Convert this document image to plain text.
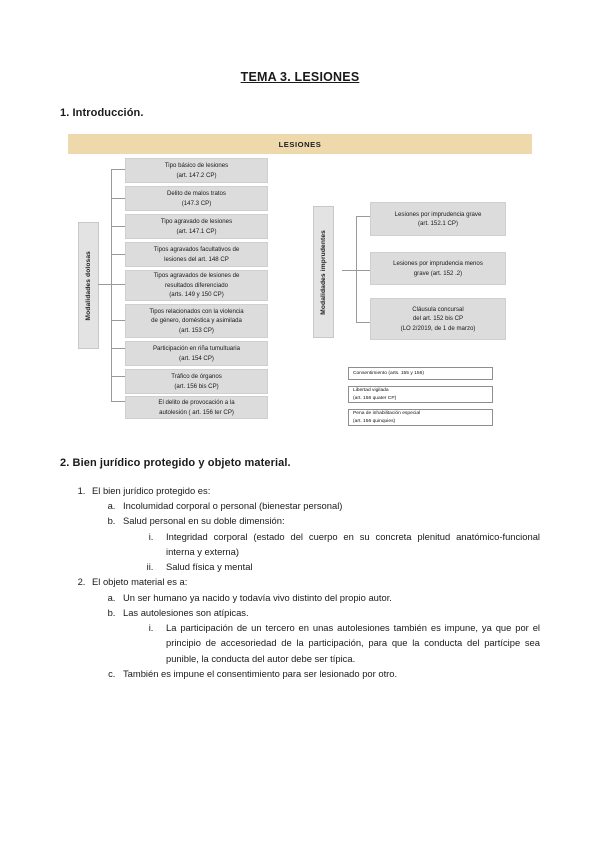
TEMA 3. LESIONES
1. Introducción.
LESIONES
Modalidades dolosas
Tipo básico de lesiones
(art. 147.2 CP)
Delito de malos tratos
(147.3 CP)
Tipo agravado de lesiones
(art. 147.1 CP)
Tipos agravados facultativos de
lesiones del art. 148 CP
Tipos agravados de lesiones de
resultados diferenciado
(arts. 149 y 150 CP)
Tipos relacionados con la violencia
de género, doméstica y asimilada
(art. 153 CP)
Participación en riña tumultuaria
(art. 154 CP)
Tráfico de órganos
(art. 156 bis CP)
El delito de provocación a la
autolesión ( art. 156 ter CP)
Modalidades imprudentes
Lesiones por imprudencia grave
(art. 152.1 CP)
Lesiones por imprudencia menos
grave (art. 152 .2)
Cláusula concursal
del art. 152 bis CP
(LO 2/2019, de 1 de marzo)
Consentimiento (arts. 155 y 156)
Libertad vigilada
(art. 156 quater CP)
Pena de inhabilitación especial
(art. 156 quinquies)
2. Bien jurídico protegido y objeto material.
1. El bien jurídico protegido es:
a. Incolumidad corporal o personal (bienestar personal)
b. Salud personal en su doble dimensión:
i. Integridad corporal (estado del cuerpo en su concreta plenitud anatómico-funcional interna y externa)
ii. Salud física y mental
2. El objeto material es a:
a. Un ser humano ya nacido y todavía vivo distinto del propio autor.
b. Las autolesiones son atípicas.
i. La participación de un tercero en unas autolesiones también es impune, ya que por el principio de accesoriedad de la participación, para que la conducta del partícipe sea punible, la conducta del autor debe ser típica.
c. También es impune el consentimiento para ser lesionado por otro.
